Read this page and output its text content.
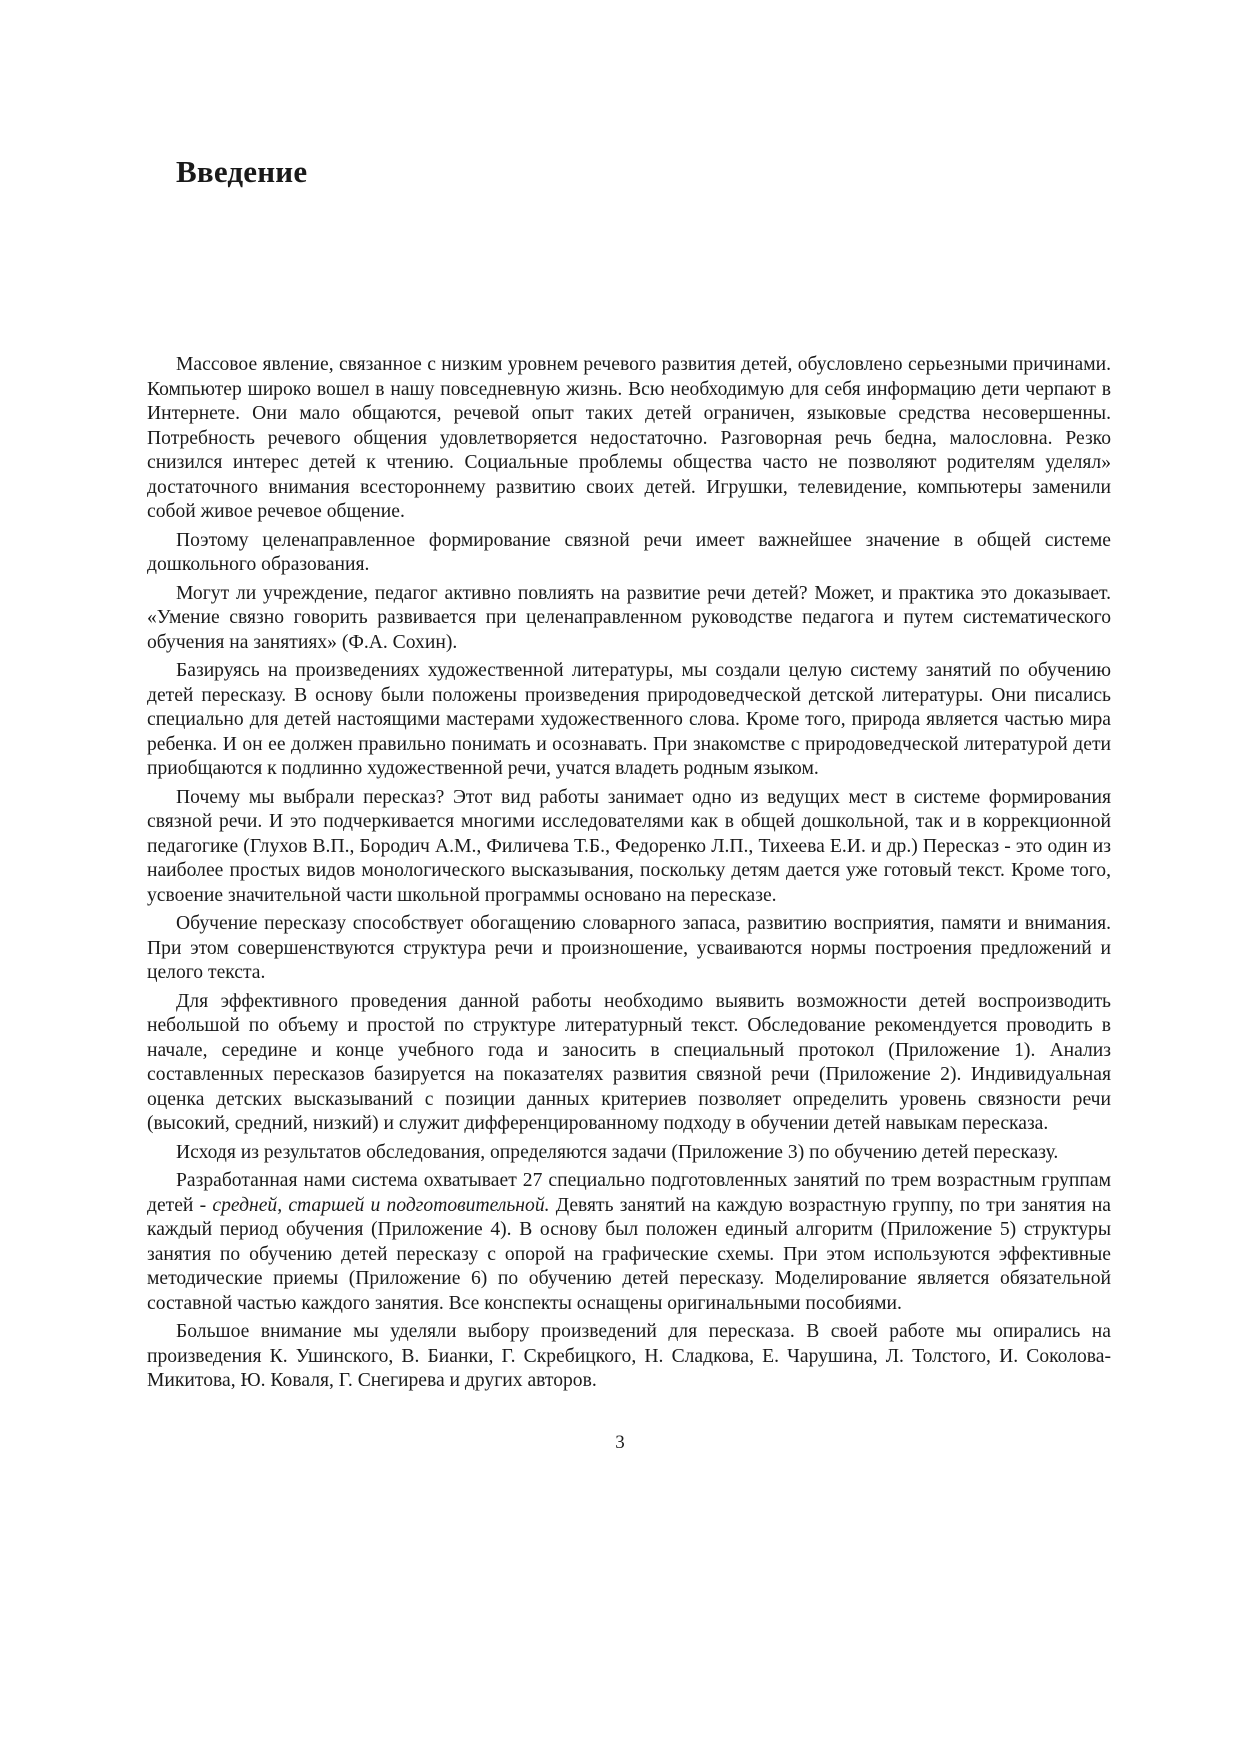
Введение

Массовое явление, связанное с низким уровнем речевого развития детей, обусловлено серьезными причинами. Компьютер широко вошел в нашу повседневную жизнь. Всю необходимую для себя информацию дети черпают в Интернете. Они мало общаются, речевой опыт таких детей ограничен, языковые средства несовершенны. Потребность речевого общения удовлетворяется недостаточно. Разговорная речь бедна, малословна. Резко снизился интерес детей к чтению. Социальные проблемы общества часто не позволяют родителям уделял» достаточного внимания всестороннему развитию своих детей. Игрушки, телевидение, компьютеры заменили собой живое речевое общение.

Поэтому целенаправленное формирование связной речи имеет важнейшее значение в общей системе дошкольного образования.

Могут ли учреждение, педагог активно повлиять на развитие речи детей? Может, и практика это доказывает. «Умение связно говорить развивается при целенаправленном руководстве педагога и путем систематического обучения на занятиях» (Ф.А. Сохин).

Базируясь на произведениях художественной литературы, мы создали целую систему занятий по обучению детей пересказу. В основу были положены произведения природоведческой детской литературы. Они писались специально для детей настоящими мастерами художественного слова. Кроме того, природа является частью мира ребенка. И он ее должен правильно понимать и осознавать. При знакомстве с природоведческой литературой дети приобщаются к подлинно художественной речи, учатся владеть родным языком.

Почему мы выбрали пересказ? Этот вид работы занимает одно из ведущих мест в системе формирования связной речи. И это подчеркивается многими исследователями как в общей дошкольной, так и в коррекционной педагогике (Глухов В.П., Бородич А.М., Филичева Т.Б., Федоренко Л.П., Тихеева Е.И. и др.) Пересказ - это один из наиболее простых видов монологического высказывания, поскольку детям дается уже готовый текст. Кроме того, усвоение значительной части школьной программы основано на пересказе.

Обучение пересказу способствует обогащению словарного запаса, развитию восприятия, памяти и внимания. При этом совершенствуются структура речи и произношение, усваиваются нормы построения предложений и целого текста.

Для эффективного проведения данной работы необходимо выявить возможности детей воспроизводить небольшой по объему и простой по структуре литературный текст. Обследование рекомендуется проводить в начале, середине и конце учебного года и заносить в специальный протокол (Приложение 1). Анализ составленных пересказов базируется на показателях развития связной речи (Приложение 2). Индивидуальная оценка детских высказываний с позиции данных критериев позволяет определить уровень связности речи (высокий, средний, низкий) и служит дифференцированному подходу в обучении детей навыкам пересказа.

Исходя из результатов обследования, определяются задачи (Приложение 3) по обучению детей пересказу.

Разработанная нами система охватывает 27 специально подготовленных занятий по трем возрастным группам детей - средней, старшей и подготовительной. Девять занятий на каждую возрастную группу, по три занятия на каждый период обучения (Приложение 4). В основу был положен единый алгоритм (Приложение 5) структуры занятия по обучению детей пересказу с опорой на графические схемы. При этом используются эффективные методические приемы (Приложение 6) по обучению детей пересказу. Моделирование является обязательной составной частью каждого занятия. Все конспекты оснащены оригинальными пособиями.

Большое внимание мы уделяли выбору произведений для пересказа. В своей работе мы опирались на произведения К. Ушинского, В. Бианки, Г. Скребицкого, Н. Сладкова, Е. Чарушина, Л. Толстого, И. Соколова-Микитова, Ю. Коваля, Г. Снегирева и других авторов.

3
